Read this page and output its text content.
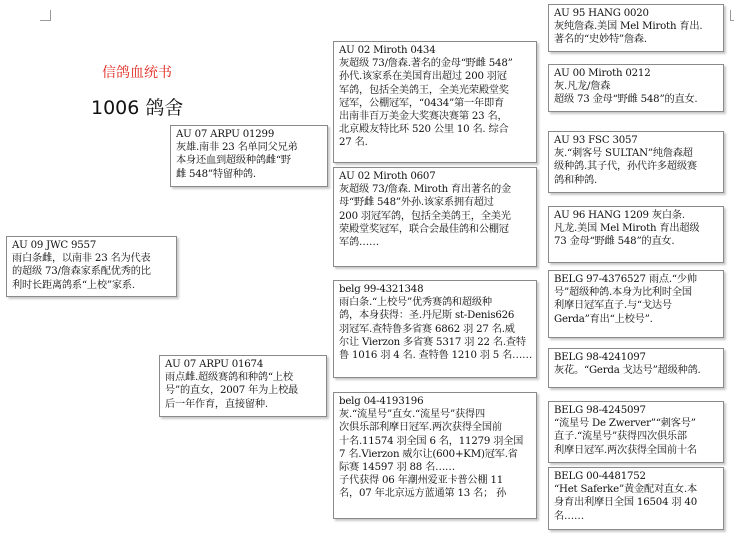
信鸽血统书
1006 鸽舍
AU 09 JWC 9557
雨白条雌，以南非 23 名为代表
的超级 73/詹森家系配优秀的比
利时长距离鸽系“上校”家系.
AU 07 ARPU 01299
灰雄.南非 23 名单同父兄弟
本身还血到超级种鸽雌“野
雌 548”特留种鸽.
AU 07 ARPU 01674
雨点雌.超级赛鸽和种鸽“上校
号”的直女，2007 年为上校最
后一年作育，直接留种.
AU 02 Miroth 0434
灰超级 73/詹森.著名的金母“野雌 548”
孙代.该家系在美国育出超过 200 羽冠
军鸽，包括全美鸽王，全美光荣殿堂奖
冠军，公棚冠军，“0434”第一年即育
出南非百万美金大奖赛决赛第 23 名，
北京殿友特比环 520 公里 10 名. 综合
27 名.
AU 02 Miroth 0607
灰超级 73/詹森. Miroth 育出著名的金
母“野雌 548”外孙.该家系拥有超过
200 羽冠军鸽，包括全美鸽王，全美光
荣殿堂奖冠军，联合会最佳鸽和公棚冠
军鸽……
belg 99-4321348
雨白条.“上校号”优秀赛鸽和超级种
鸽，本身获得：圣.丹尼斯 st-Denis626
羽冠军.查特鲁多省赛 6862 羽 27 名.威
尔让 Vierzon 多省赛 5317 羽 22 名.查特
鲁 1016 羽 4 名. 查特鲁 1210 羽 5 名……
belg 04-4193196
灰.“流星号”直女.“流星号”获得四
次俱乐部利摩日冠军.两次获得全国前
十名.11574 羽全国 6 名，11279 羽全国
7 名.Vierzon 威尔让(600+KM)冠军.省
际赛 14597 羽 88 名……
子代获得 06 年潮州爱亚卡普公棚 11
名，07 年北京远方蓝通第 13 名； 孙
AU 95 HANG 0020
灰纯詹森.美国 Mel Miroth 育出.
著名的“史妙特”詹森.
AU 00 Miroth 0212
灰.凡龙/詹森
超级 73 金母“野雌 548”的直女.
AU 93 FSC 3057
灰.“刺客号 SULTAN”纯詹森超
级种鸽.其子代，孙代许多超级赛
鸽和种鸽.
AU 96 HANG 1209 灰白条.
凡龙.美国 Mel Miroth 育出超级
73 金母“野雌 548”的直女.
BELG 97-4376527 雨点.“少帅
号”超级种鸽.本身为比利时全国
利摩日冠军直子.与“戈达号
Gerda”育出“上校号”.
BELG 98-4241097
灰花。“Gerda 戈达号”超级种鸽.
BELG 98-4245097
“流星号 De Zwerver”“刺客号”
直子.“流星号”获得四次俱乐部
利摩日冠军.两次获得全国前十名
BELG 00-4481752
“Het Saferke”黄金配对直女.本
身育出利摩日全国 16504 羽 40
名……
